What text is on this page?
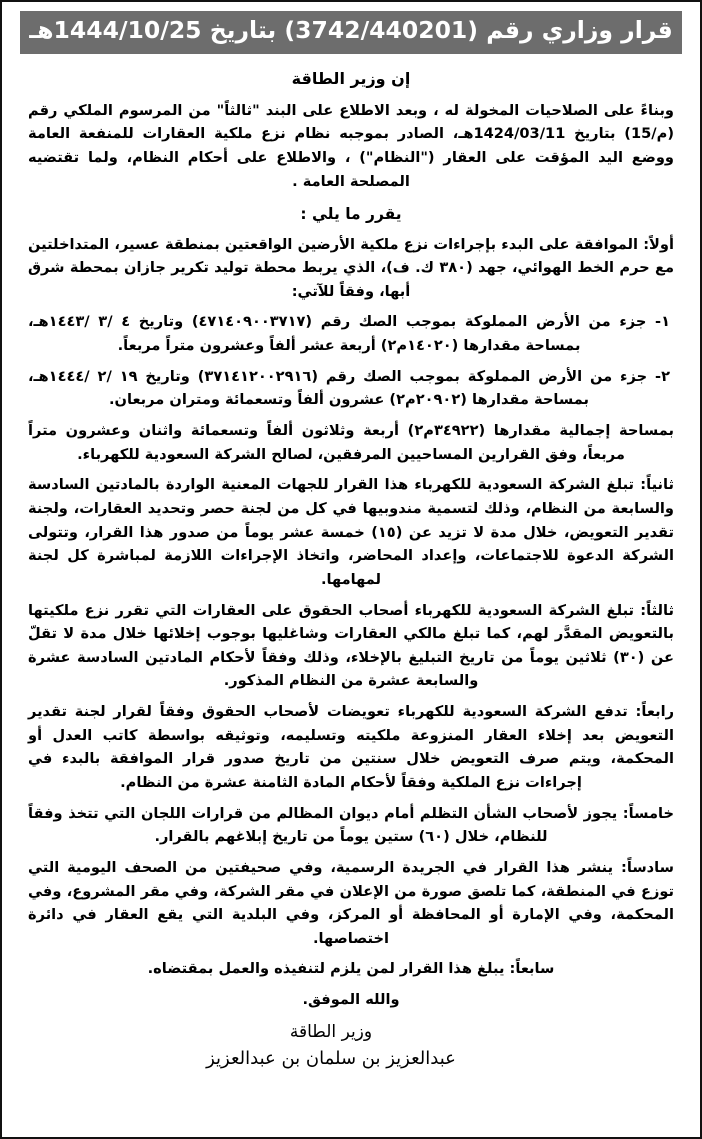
قرار وزاري رقم (3742/440201) بتاريخ 1444/10/25هـ
إن وزير الطاقة

وبناءً على الصلاحيات المخولة له ، وبعد الاطلاع على البند "ثالثاً" من المرسوم الملكي رقم (م/15) بتاريخ 1424/03/11هـ، الصادر بموجبه نظام نزع ملكية العقارات للمنفعة العامة ووضع اليد المؤقت على العقار ("النظام") ، والاطلاع على أحكام النظام، ولما تقتضيه المصلحة العامة .

يقرر ما يلي :

أولاً: الموافقة على البدء بإجراءات نزع ملكية الأرضين الواقعتين بمنطقة عسير، المتداخلتين مع حرم الخط الهوائي، جهد (٣٨٠ ك. ف)، الذي يربط محطة توليد تكرير جازان بمحطة شرق أبها، وفقاً للآتي:

١- جزء من الأرض المملوكة بموجب الصك رقم (٤٧١٤٠٩٠٠٣٧١٧) وتاريخ ٤ /٣ /١٤٤٣هـ، بمساحة مقدارها (١٤٠٢٠م٢) أربعة عشر ألفاً وعشرون متراً مربعاً.

٢- جزء من الأرض المملوكة بموجب الصك رقم (٣٧١٤١٢٠٠٢٩١٦) وتاريخ ١٩ /٢ /١٤٤٤هـ، بمساحة مقدارها (٢٠٩٠٢م٢) عشرون ألفاً وتسعمائة ومتران مربعان.

بمساحة إجمالية مقدارها (٣٤٩٢٢م٢) أربعة وثلاثون ألفاً وتسعمائة واثنان وعشرون متراً مربعاً، وفق القرارين المساحيين المرفقين، لصالح الشركة السعودية للكهرباء.

ثانياً: تبلغ الشركة السعودية للكهرباء هذا القرار للجهات المعنية الواردة بالمادتين السادسة والسابعة من النظام، وذلك لتسمية مندوبيها في كل من لجنة حصر وتحديد العقارات، ولجنة تقدير التعويض، خلال مدة لا تزيد عن (١٥) خمسة عشر يوماً من صدور هذا القرار، وتتولى الشركة الدعوة للاجتماعات، وإعداد المحاضر، واتخاذ الإجراءات اللازمة لمباشرة كل لجنة لمهامها.

ثالثاً: تبلغ الشركة السعودية للكهرباء أصحاب الحقوق على العقارات التي تقرر نزع ملكيتها بالتعويض المقدَّر لهم، كما تبلغ مالكي العقارات وشاغليها بوجوب إخلائها خلال مدة لا تقلّ عن (٣٠) ثلاثين يوماً من تاريخ التبليغ بالإخلاء، وذلك وفقاً لأحكام المادتين السادسة عشرة والسابعة عشرة من النظام المذكور.

رابعاً: تدفع الشركة السعودية للكهرباء تعويضات لأصحاب الحقوق وفقاً لقرار لجنة تقدير التعويض بعد إخلاء العقار المنزوعة ملكيته وتسليمه، وتوثيقه بواسطة كاتب العدل أو المحكمة، ويتم صرف التعويض خلال سنتين من تاريخ صدور قرار الموافقة بالبدء في إجراءات نزع الملكية وفقاً لأحكام المادة الثامنة عشرة من النظام.

خامساً: يجوز لأصحاب الشأن التظلم أمام ديوان المظالم من قرارات اللجان التي تتخذ وفقاً للنظام، خلال (٦٠) ستين يوماً من تاريخ إبلاغهم بالقرار.

سادساً: ينشر هذا القرار في الجريدة الرسمية، وفي صحيفتين من الصحف اليومية التي توزع في المنطقة، كما تلصق صورة من الإعلان في مقر الشركة، وفي مقر المشروع، وفي المحكمة، وفي الإمارة أو المحافظة أو المركز، وفي البلدية التي يقع العقار في دائرة اختصاصها.

سابعاً: يبلغ هذا القرار لمن يلزم لتنفيذه والعمل بمقتضاه.

والله الموفق.
وزير الطاقة
عبدالعزيز بن سلمان بن عبدالعزيز
